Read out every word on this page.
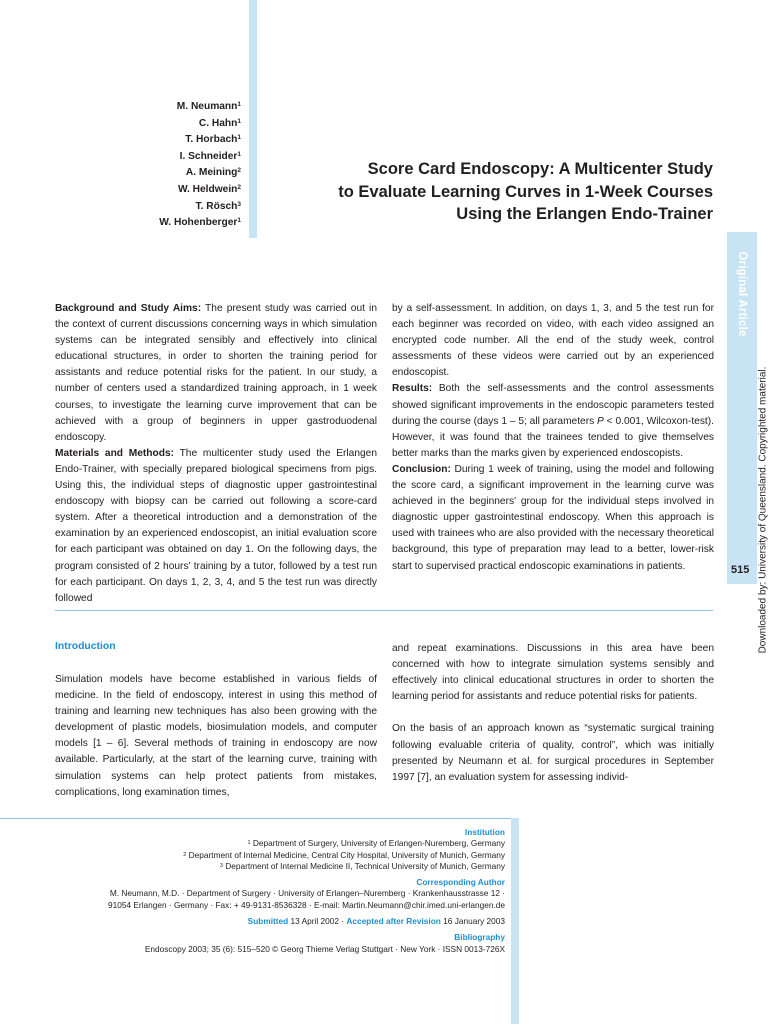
Original Article
515 Downloaded by: University of Queensland. Copyrighted material.
M. Neumann$^1$
C. Hahn$^1$
T. Horbach$^1$
I. Schneider$^1$
A. Meining$^2$
W. Heldwein$^2$
T. Rösch$^3$
W. Hohenberger$^1$
Score Card Endoscopy: A Multicenter Study
to Evaluate Learning Curves in 1-Week Courses
Using the Erlangen Endo-Trainer

Background and Study Aims: The present study was carried out in the context of current discussions concerning ways in which simulation systems can be integrated sensibly and effectively into clinical educational structures, in order to shorten the training period for assistants and reduce potential risks for the patient. In our study, a number of centers used a standardized training approach, in 1 week courses, to investigate the learning curve improvement that can be achieved with a group of beginners in upper gastroduodenal endoscopy.

Materials and Methods: The multicenter study used the Erlangen Endo-Trainer, with specially prepared biological specimens from pigs. Using this, the individual steps of diagnostic upper gastrointestinal endoscopy with biopsy can be carried out following a score-card system. After a theoretical introduction and a demonstration of the examination by an experienced endoscopist, an initial evaluation score for each participant was obtained on day 1. On the following days, the program consisted of 2 hours' training by a tutor, followed by a test run for each participant. On days 1, 2, 3, 4, and 5 the test run was directly followed

by a self-assessment. In addition, on days 1, 3, and 5 the test run for each beginner was recorded on video, with each video assigned an encrypted code number. All the end of the study week, control assessments of these videos were carried out by an experienced endoscopist.

Results: Both the self-assessments and the control assessments showed significant improvements in the endoscopic parameters tested during the course (days 1 – 5; all parameters P < 0.001, Wilcoxon-test). However, it was found that the trainees tended to give themselves better marks than the marks given by experienced endoscopists.

Conclusion: During 1 week of training, using the model and following the score card, a significant improvement in the learning curve was achieved in the beginners' group for the individual steps involved in diagnostic upper gastrointestinal endoscopy. When this approach is used with trainees who are also provided with the necessary theoretical background, this type of preparation may lead to a better, lower-risk start to supervised practical endoscopic examinations in patients.

Introduction

Simulation models have become established in various fields of medicine. In the field of endoscopy, interest in using this method of training and learning new techniques has also been growing with the development of plastic models, biosimulation models, and computer models [1 – 6]. Several methods of training in endoscopy are now available. Particularly, at the start of the learning curve, training with simulation systems can help protect patients from mistakes, complications, long examination times,

and repeat examinations. Discussions in this area have been concerned with how to integrate simulation systems sensibly and effectively into clinical educational structures in order to shorten the learning period for assistants and reduce potential risks for patients.

On the basis of an approach known as “systematic surgical training following evaluable criteria of quality, control”, which was initially presented by Neumann et al. for surgical procedures in September 1997 [7], an evaluation system for assessing individ-

Institution
$^1$ Department of Surgery, University of Erlangen-Nuremberg, Germany
$^2$ Department of Internal Medicine, Central City Hospital, University of Munich, Germany
$^3$ Department of Internal Medicine II, Technical University of Munich, Germany
Corresponding Author
M. Neumann, M.D. · Department of Surgery · University of Erlangen–Nuremberg · Krankenhausstrasse 12 ·
91054 Erlangen · Germany · Fax: + 49-9131-8536328 · E-mail: Martin.Neumann@chir.imed.uni-erlangen.de
Submitted 13 April 2002 · Accepted after Revision 16 January 2003
Bibliography
Endoscopy 2003; 35 (6): 515–520 © Georg Thieme Verlag Stuttgart · New York · ISSN 0013-726X
